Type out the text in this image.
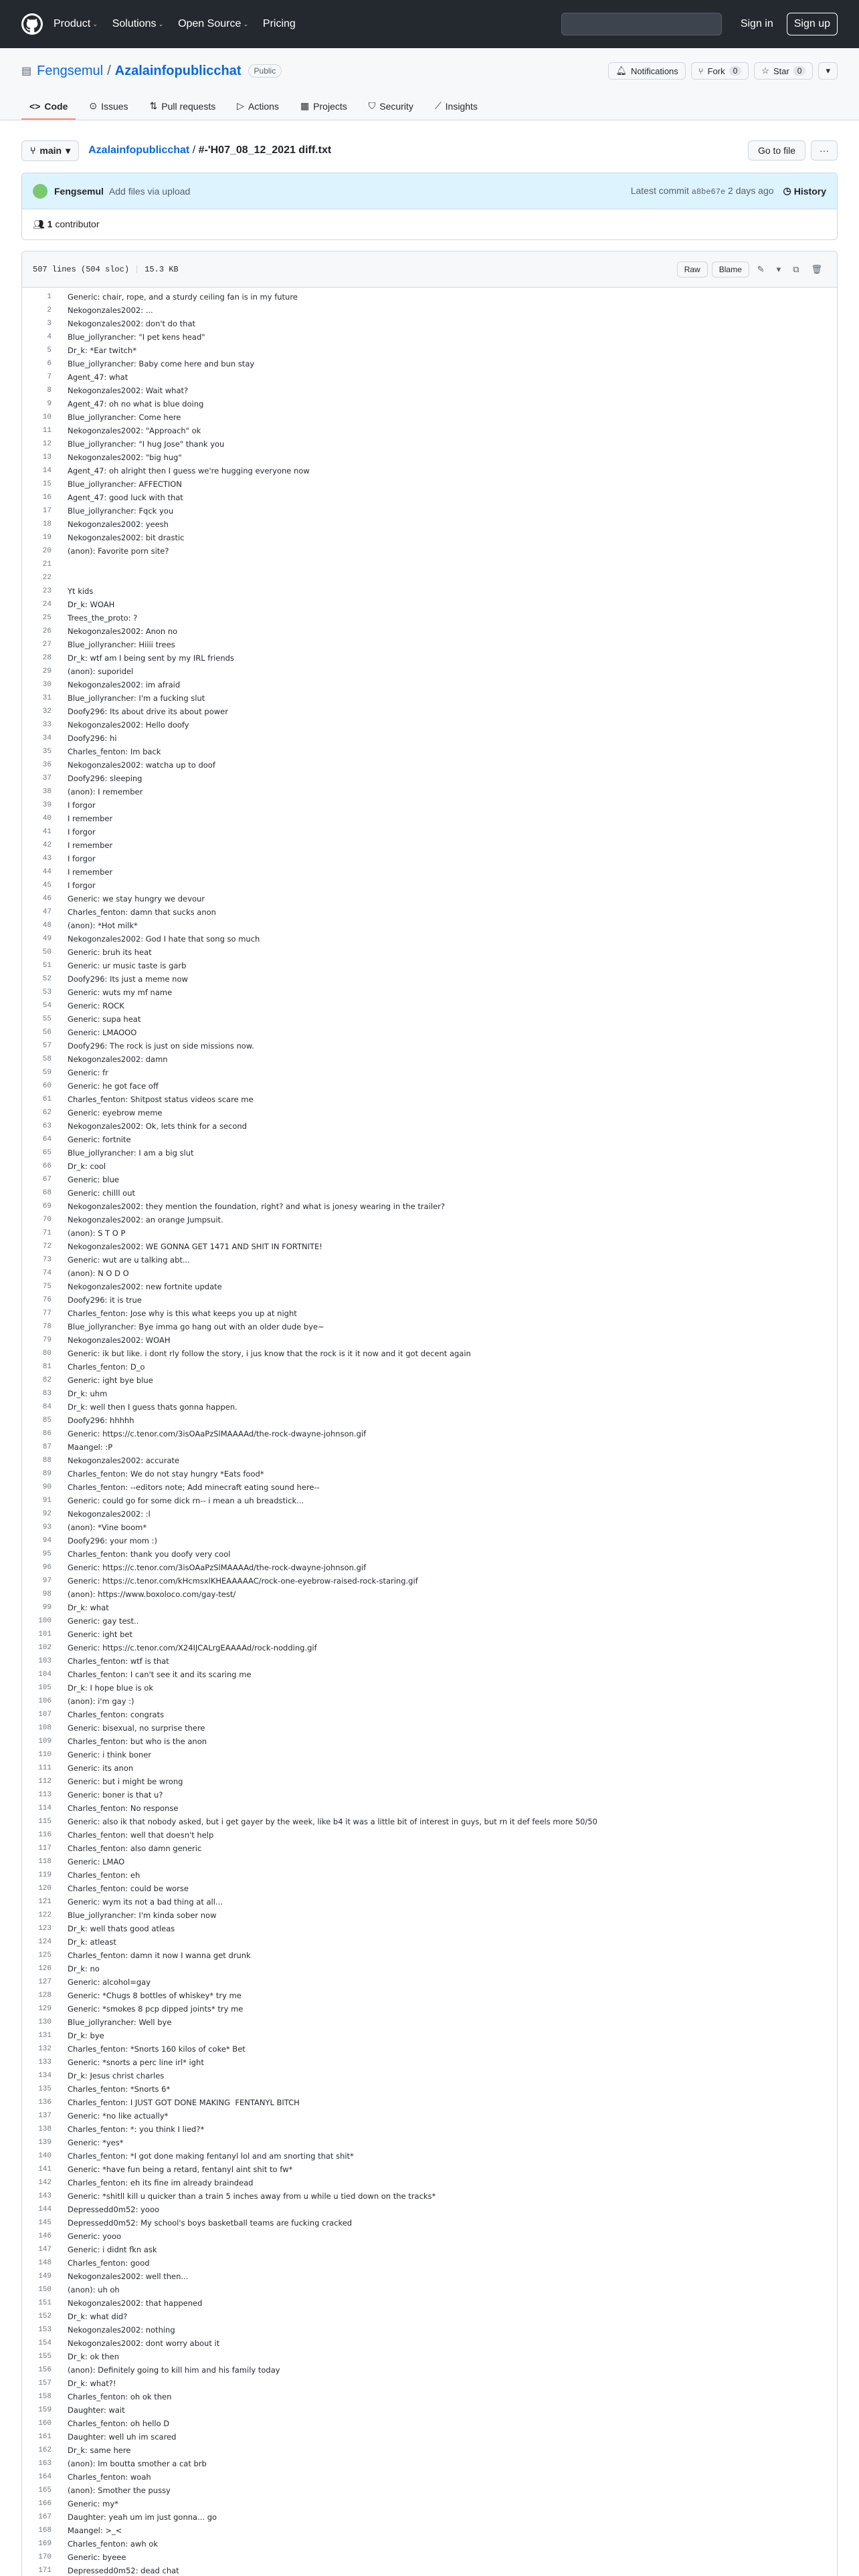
Product ⌄ Solutions ⌄ Open Source ⌄ Pricing	Sign in	Sign up
▤ Fengsemul / Azalainfopublicchat	Public	🔔︎ Notifications ⑂ Fork	0	☆ Star	0	▾
<> Code ⊙ Issues ⇅ Pull requests ▷ Actions ▦ Projects ⛉ Security ⟋ Insights
⑂ main ▾ Azalainfopublicchat / #-'H07_08_12_2021 diff.txt	Go to file	···
Fengsemul Add files via upload	Latest commit a8be67e 2 days ago ◷ History
👥︎ 1 contributor
507 lines (504 sloc) | 15.3 KB	Raw	Blame	✎	▾	⧉	🗑︎
1	Generic: chair, rope, and a sturdy ceiling fan is in my future
2	Nekogonzales2002: ...
3	Nekogonzales2002: don't do that
4	Blue_jollyrancher: "I pet kens head"
5	Dr_k: *Ear twitch*
6	Blue_jollyrancher: Baby come here and bun stay
7	Agent_47: what
8	Nekogonzales2002: Wait what?
9	Agent_47: oh no what is blue doing
10	Blue_jollyrancher: Come here
11	Nekogonzales2002: "Approach" ok
12	Blue_jollyrancher: "I hug Jose" thank you
13	Nekogonzales2002: "big hug"
14	Agent_47: oh alright then I guess we're hugging everyone now
15	Blue_jollyrancher: AFFECTION
16	Agent_47: good luck with that
17	Blue_jollyrancher: Fqck you
18	Nekogonzales2002: yeesh
19	Nekogonzales2002: bit drastic
20	(anon): Favorite porn site?
21
22
23	Yt kids
24	Dr_k: WOAH
25	Trees_the_proto: ?
26	Nekogonzales2002: Anon no
27	Blue_jollyrancher: Hiiii trees
28	Dr_k: wtf am I being sent by my IRL friends
29	(anon): suporidel
30	Nekogonzales2002: im afraid
31	Blue_jollyrancher: I'm a fucking slut
32	Doofy296: Its about drive its about power
33	Nekogonzales2002: Hello doofy
34	Doofy296: hi
35	Charles_fenton: Im back
36	Nekogonzales2002: watcha up to doof
37	Doofy296: sleeping
38	(anon): I remember
39	I forgor
40	I remember
41	I forgor
42	I remember
43	I forgor
44	I remember
45	I forgor
46	Generic: we stay hungry we devour
47	Charles_fenton: damn that sucks anon
48	(anon): *Hot milk*
49	Nekogonzales2002: God I hate that song so much
50	Generic: bruh its heat
51	Generic: ur music taste is garb
52	Doofy296: Its just a meme now
53	Generic: wuts my mf name
54	Generic: ROCK
55	Generic: supa heat
56	Generic: LMAOOO
57	Doofy296: The rock is just on side missions now.
58	Nekogonzales2002: damn
59	Generic: fr
60	Generic: he got face off
61	Charles_fenton: Shitpost status videos scare me
62	Generic: eyebrow meme
63	Nekogonzales2002: Ok, lets think for a second
64	Generic: fortnite
65	Blue_jollyrancher: I am a big slut
66	Dr_k: cool
67	Generic: blue
68	Generic: chilll out
69	Nekogonzales2002: they mention the foundation, right? and what is jonesy wearing in the trailer?
70	Nekogonzales2002: an orange Jumpsuit.
71	(anon): S T O P
72	Nekogonzales2002: WE GONNA GET 1471 AND SHIT IN FORTNITE!
73	Generic: wut are u talking abt...
74	(anon): N O D O
75	Nekogonzales2002: new fortnite update
76	Doofy296: it is true
77	Charles_fenton: Jose why is this what keeps you up at night
78	Blue_jollyrancher: Bye imma go hang out with an older dude bye~
79	Nekogonzales2002: WOAH
80	Generic: ik but like. i dont rly follow the story, i jus know that the rock is it it now and it got decent again
81	Charles_fenton: D_o
82	Generic: ight bye blue
83	Dr_k: uhm
84	Dr_k: well then I guess thats gonna happen.
85	Doofy296: hhhhh
86	Generic: https://c.tenor.com/3isOAaPzSlMAAAAd/the-rock-dwayne-johnson.gif
87	Maangel: :P
88	Nekogonzales2002: accurate
89	Charles_fenton: We do not stay hungry *Eats food*
90	Charles_fenton: --editors note; Add minecraft eating sound here--
91	Generic: could go for some dick rn-- i mean a uh breadstick...
92	Nekogonzales2002: :l
93	(anon): *Vine boom*
94	Doofy296: your mom :)
95	Charles_fenton: thank you doofy very cool
96	Generic: https://c.tenor.com/3isOAaPzSlMAAAAd/the-rock-dwayne-johnson.gif
97	Generic: https://c.tenor.com/kHcmsxlKHEAAAAAC/rock-one-eyebrow-raised-rock-staring.gif
98	(anon): https://www.boxoloco.com/gay-test/
99	Dr_k: what
100	Generic: gay test..
101	Generic: ight bet
102	Generic: https://c.tenor.com/X24IJCALrgEAAAAd/rock-nodding.gif
103	Charles_fenton: wtf is that
104	Charles_fenton: I can't see it and its scaring me
105	Dr_k: I hope blue is ok
106	(anon): i'm gay :)
107	Charles_fenton: congrats
108	Generic: bisexual, no surprise there
109	Charles_fenton: but who is the anon
110	Generic: i think boner
111	Generic: its anon
112	Generic: but i might be wrong
113	Generic: boner is that u?
114	Charles_fenton: No response
115	Generic: also ik that nobody asked, but i get gayer by the week, like b4 it was a little bit of interest in guys, but rn it def feels more 50/50
116	Charles_fenton: well that doesn't help
117	Charles_fenton: also damn generic
118	Generic: LMAO
119	Charles_fenton: eh
120	Charles_fenton: could be worse
121	Generic: wym its not a bad thing at all...
122	Blue_jollyrancher: I'm kinda sober now
123	Dr_k: well thats good atleas
124	Dr_k: atleast
125	Charles_fenton: damn it now I wanna get drunk
126	Dr_k: no
127	Generic: alcohol=gay
128	Generic: *Chugs 8 bottles of whiskey* try me
129	Generic: *smokes 8 pcp dipped joints* try me
130	Blue_jollyrancher: Well bye
131	Dr_k: bye
132	Charles_fenton: *Snorts 160 kilos of coke* Bet
133	Generic: *snorts a perc line irl* ight
134	Dr_k: Jesus christ charles
135	Charles_fenton: *Snorts 6*
136	Charles_fenton: I JUST GOT DONE MAKING  FENTANYL BITCH
137	Generic: *no like actually*
138	Charles_fenton: *: you think I lied?*
139	Generic: *yes*
140	Charles_fenton: *I got done making fentanyl lol and am snorting that shit*
141	Generic: *have fun being a retard, fentanyl aint shit to fw*
142	Charles_fenton: eh its fine im already braindead
143	Generic: *shitll kill u quicker than a train 5 inches away from u while u tied down on the tracks*
144	Depressedd0m52: yooo
145	Depressedd0m52: My school's boys basketball teams are fucking cracked
146	Generic: yooo
147	Generic: i didnt fkn ask
148	Charles_fenton: good
149	Nekogonzales2002: well then...
150	(anon): uh oh
151	Nekogonzales2002: that happened
152	Dr_k: what did?
153	Nekogonzales2002: nothing
154	Nekogonzales2002: dont worry about it
155	Dr_k: ok then
156	(anon): Definitely going to kill him and his family today
157	Dr_k: what?!
158	Charles_fenton: oh ok then
159	Daughter: wait
160	Charles_fenton: oh hello D
161	Daughter: well uh im scared
162	Dr_k: same here
163	(anon): Im boutta smother a cat brb
164	Charles_fenton: woah
165	(anon): Smother the pussy
166	Generic: my*
167	Daughter: yeah um im just gonna... go
168	Maangel: >_<
169	Charles_fenton: awh ok
170	Generic: byeee
171	Depressedd0m52: dead chat
